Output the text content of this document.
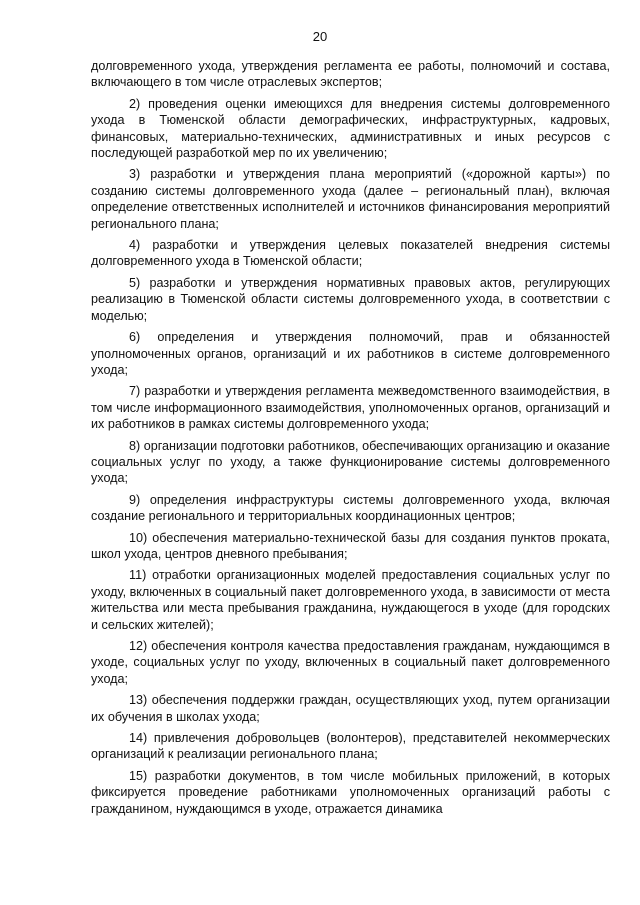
20

долговременного ухода, утверждения регламента ее работы, полномочий и состава, включающего в том числе отраслевых экспертов;

2) проведения оценки имеющихся для внедрения системы долговременного ухода в Тюменской области демографических, инфраструктурных, кадровых, финансовых, материально-технических, административных и иных ресурсов с последующей разработкой мер по их увеличению;

3) разработки и утверждения плана мероприятий («дорожной карты») по созданию системы долговременного ухода (далее – региональный план), включая определение ответственных исполнителей и источников финансирования мероприятий регионального плана;

4) разработки и утверждения целевых показателей внедрения системы долговременного ухода в Тюменской области;

5) разработки и утверждения нормативных правовых актов, регулирующих реализацию в Тюменской области системы долговременного ухода, в соответствии с моделью;

6) определения и утверждения полномочий, прав и обязанностей уполномоченных органов, организаций и их работников в системе долговременного ухода;

7) разработки и утверждения регламента межведомственного взаимодействия, в том числе информационного взаимодействия, уполномоченных органов, организаций и их работников в рамках системы долговременного ухода;

8) организации подготовки работников, обеспечивающих организацию и оказание социальных услуг по уходу, а также функционирование системы долговременного ухода;

9) определения инфраструктуры системы долговременного ухода, включая создание регионального и территориальных координационных центров;

10) обеспечения материально-технической базы для создания пунктов проката, школ ухода, центров дневного пребывания;

11) отработки организационных моделей предоставления социальных услуг по уходу, включенных в социальный пакет долговременного ухода, в зависимости от места жительства или места пребывания гражданина, нуждающегося в уходе (для городских и сельских жителей);

12) обеспечения контроля качества предоставления гражданам, нуждающимся в уходе, социальных услуг по уходу, включенных в социальный пакет долговременного ухода;

13) обеспечения поддержки граждан, осуществляющих уход, путем организации их обучения в школах ухода;

14) привлечения добровольцев (волонтеров), представителей некоммерческих организаций к реализации регионального плана;

15) разработки документов, в том числе мобильных приложений, в которых фиксируется проведение работниками уполномоченных организаций работы с гражданином, нуждающимся в уходе, отражается динамика
